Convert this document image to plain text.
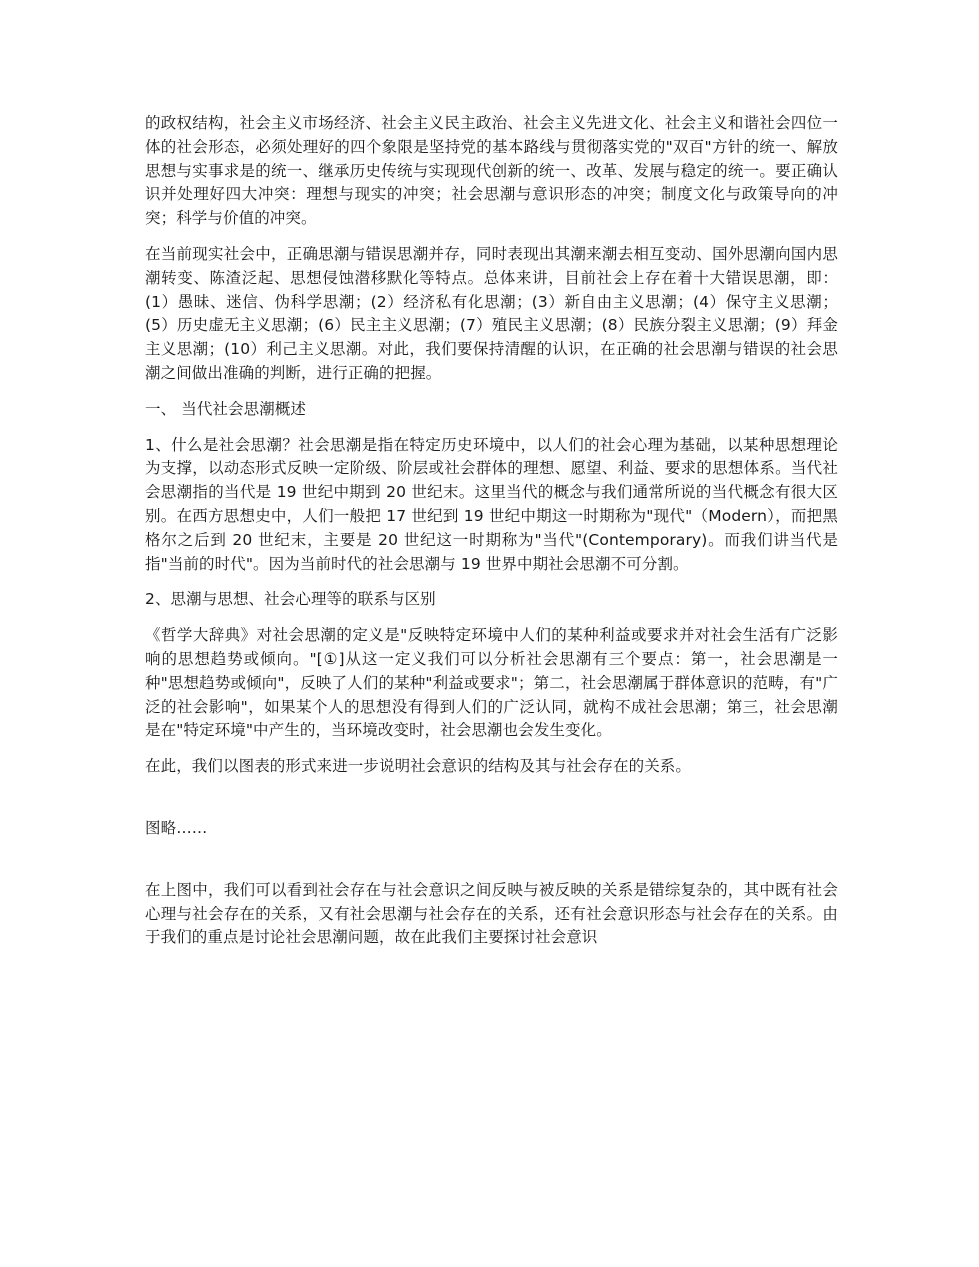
的政权结构，社会主义市场经济、社会主义民主政治、社会主义先进文化、社会主义和谐社会四位一体的社会形态，必须处理好的四个象限是坚持党的基本路线与贯彻落实党的"双百"方针的统一、解放思想与实事求是的统一、继承历史传统与实现现代创新的统一、改革、发展与稳定的统一。要正确认识并处理好四大冲突：理想与现实的冲突；社会思潮与意识形态的冲突；制度文化与政策导向的冲突；科学与价值的冲突。

在当前现实社会中，正确思潮与错误思潮并存，同时表现出其潮来潮去相互变动、国外思潮向国内思潮转变、陈渣泛起、思想侵蚀潜移默化等特点。总体来讲，目前社会上存在着十大错误思潮，即：(1）愚昧、迷信、伪科学思潮；(2）经济私有化思潮；(3）新自由主义思潮；(4）保守主义思潮；(5）历史虚无主义思潮；(6）民主主义思潮；(7）殖民主义思潮；(8）民族分裂主义思潮；(9）拜金主义思潮；(10）利己主义思潮。对此，我们要保持清醒的认识，在正确的社会思潮与错误的社会思潮之间做出准确的判断，进行正确的把握。

一、 当代社会思潮概述

1、什么是社会思潮？社会思潮是指在特定历史环境中，以人们的社会心理为基础，以某种思想理论为支撑，以动态形式反映一定阶级、阶层或社会群体的理想、愿望、利益、要求的思想体系。当代社会思潮指的当代是 19 世纪中期到 20 世纪末。这里当代的概念与我们通常所说的当代概念有很大区别。在西方思想史中，人们一般把 17 世纪到 19 世纪中期这一时期称为"现代"（Modern），而把黑格尔之后到 20 世纪末，主要是 20 世纪这一时期称为"当代"(Contemporary)。而我们讲当代是指"当前的时代"。因为当前时代的社会思潮与 19 世界中期社会思潮不可分割。

2、思潮与思想、社会心理等的联系与区别

《哲学大辞典》对社会思潮的定义是"反映特定环境中人们的某种利益或要求并对社会生活有广泛影响的思想趋势或倾向。"[①]从这一定义我们可以分析社会思潮有三个要点：第一，社会思潮是一种"思想趋势或倾向"，反映了人们的某种"利益或要求"；第二，社会思潮属于群体意识的范畴，有"广泛的社会影响"，如果某个人的思想没有得到人们的广泛认同，就构不成社会思潮；第三，社会思潮是在"特定环境"中产生的，当环境改变时，社会思潮也会发生变化。

在此，我们以图表的形式来进一步说明社会意识的结构及其与社会存在的关系。

图略……

在上图中，我们可以看到社会存在与社会意识之间反映与被反映的关系是错综复杂的，其中既有社会心理与社会存在的关系，又有社会思潮与社会存在的关系，还有社会意识形态与社会存在的关系。由于我们的重点是讨论社会思潮问题，故在此我们主要探讨社会意识
